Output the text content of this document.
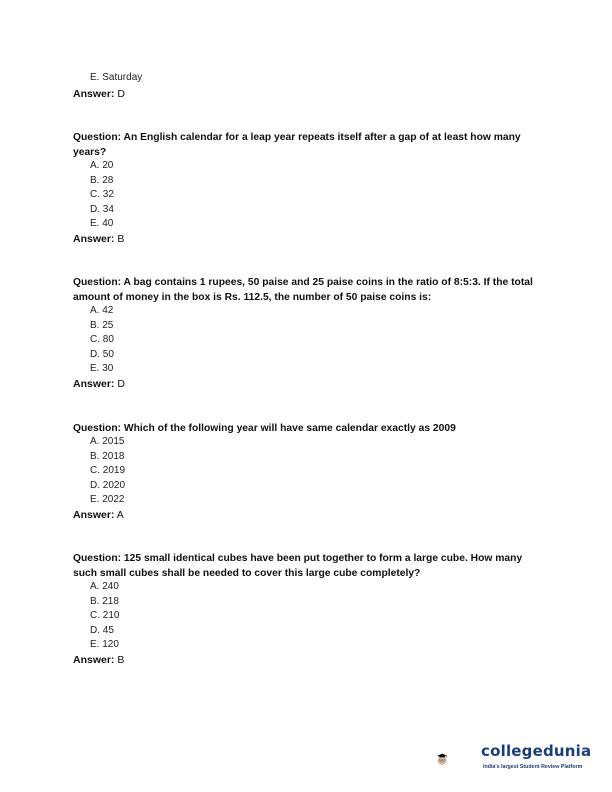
E. Saturday
Answer: D
Question: An English calendar for a leap year repeats itself after a gap of at least how many years?
A. 20
B. 28
C. 32
D. 34
E. 40
Answer: B
Question: A bag contains 1 rupees, 50 paise and 25 paise coins in the ratio of 8:5:3. If the total amount of money in the box is Rs. 112.5, the number of 50 paise coins is:
A. 42
B. 25
C. 80
D. 50
E. 30
Answer: D
Question: Which of the following year will have same calendar exactly as 2009
A. 2015
B. 2018
C. 2019
D. 2020
E. 2022
Answer: A
Question: 125 small identical cubes have been put together to form a large cube. How many such small cubes shall be needed to cover this large cube completely?
A. 240
B. 218
C. 210
D. 45
E. 120
Answer: B
collegedunia
India's largest Student Review Platform
